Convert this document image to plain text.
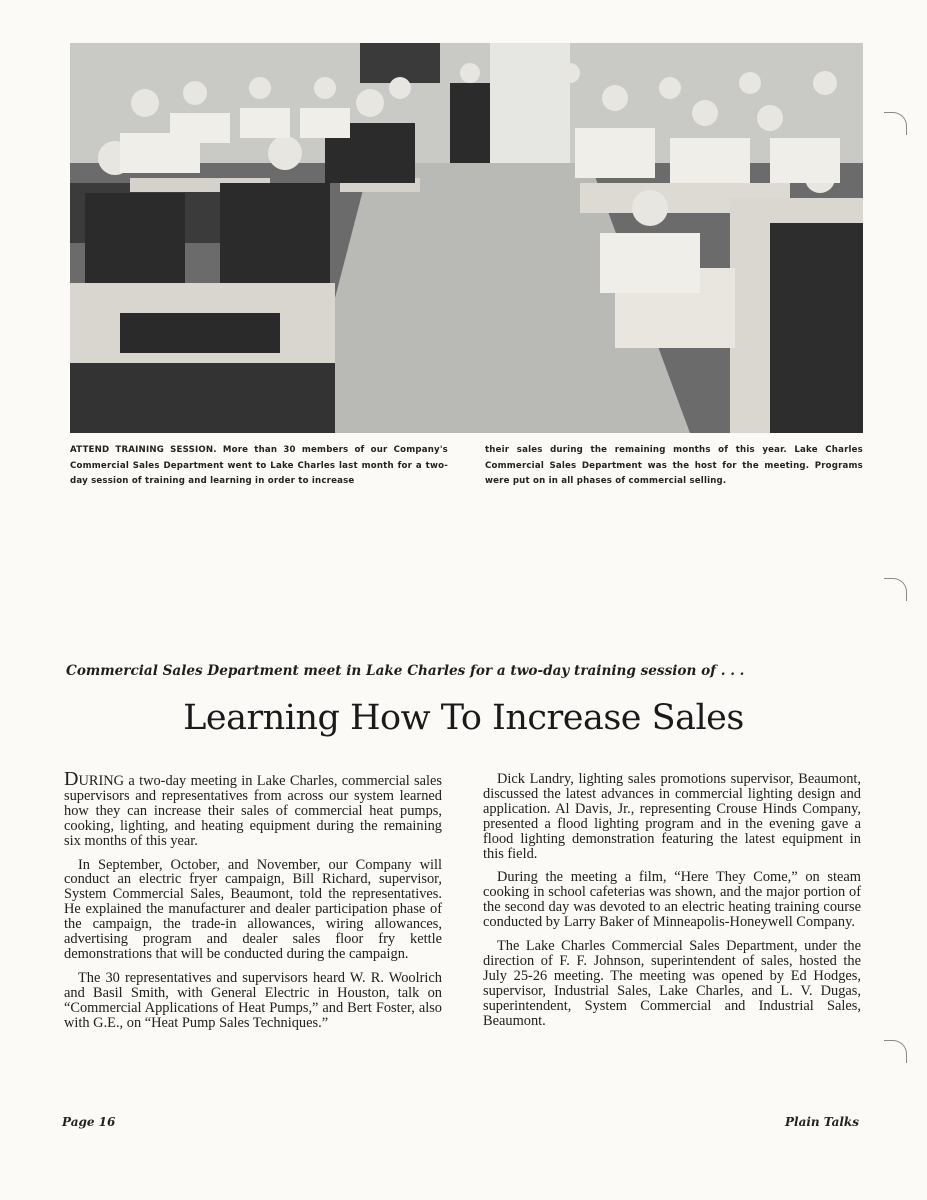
ATTEND TRAINING SESSION. More than 30 members of our Company's Commercial Sales Department went to Lake Charles last month for a two-day session of training and learning in order to increase
their sales during the remaining months of this year. Lake Charles Commercial Sales Department was the host for the meeting. Programs were put on in all phases of commercial selling.
Commercial Sales Department meet in Lake Charles for a two-day training session of . . .
Learning How To Increase Sales

DURING a two-day meeting in Lake Charles, commercial sales supervisors and representatives from across our system learned how they can increase their sales of commercial heat pumps, cooking, lighting, and heating equipment during the remaining six months of this year.

In September, October, and November, our Company will conduct an electric fryer campaign, Bill Richard, supervisor, System Commercial Sales, Beaumont, told the representatives. He explained the manufacturer and dealer participation phase of the campaign, the trade-in allowances, wiring allowances, advertising program and dealer sales floor fry kettle demonstrations that will be conducted during the campaign.

The 30 representatives and supervisors heard W. R. Woolrich and Basil Smith, with General Electric in Houston, talk on “Commercial Applications of Heat Pumps,” and Bert Foster, also with G.E., on “Heat Pump Sales Techniques.”

Dick Landry, lighting sales promotions supervisor, Beaumont, discussed the latest advances in commercial lighting design and application. Al Davis, Jr., representing Crouse Hinds Company, presented a flood lighting program and in the evening gave a flood lighting demonstration featuring the latest equipment in this field.

During the meeting a film, “Here They Come,” on steam cooking in school cafeterias was shown, and the major portion of the second day was devoted to an electric heating training course conducted by Larry Baker of Minneapolis-Honeywell Company.

The Lake Charles Commercial Sales Department, under the direction of F. F. Johnson, superintendent of sales, hosted the July 25-26 meeting. The meeting was opened by Ed Hodges, supervisor, Industrial Sales, Lake Charles, and L. V. Dugas, superintendent, System Commercial and Industrial Sales, Beaumont.

Page 16	Plain Talks
